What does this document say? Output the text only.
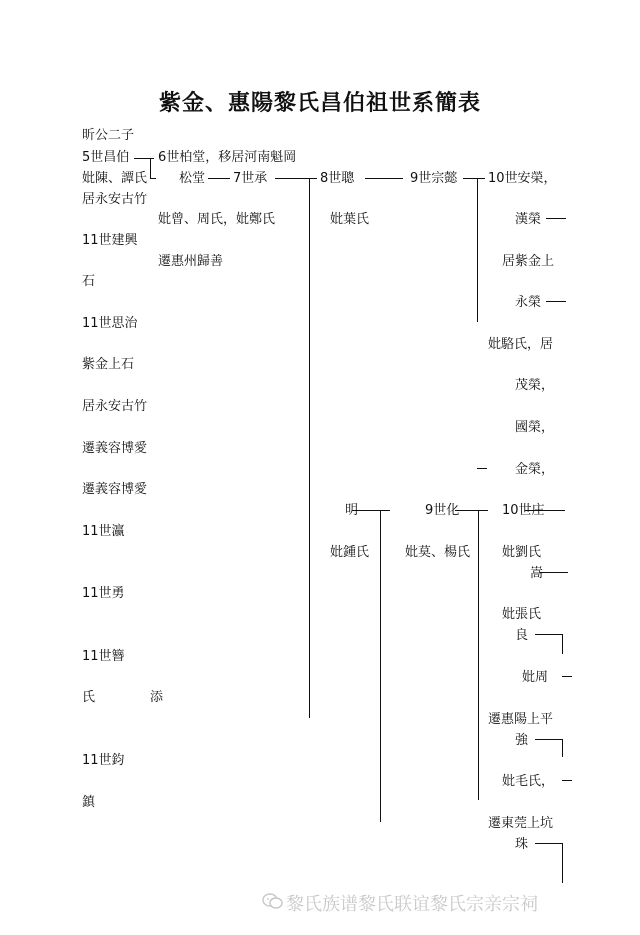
紫金、惠陽黎氏昌伯祖世系簡表
昕公二子
5世昌伯
妣陳、譚氏
居永安古竹
6世柏堂，移居河南魁岡
松堂
妣曾、周氏，妣鄭氏
遷惠州歸善
7世承	8世聰
妣葉氏
明
妣鍾氏
9世宗懿
9世化
妣莫、楊氏
10世安榮，
漢榮
居紫金上
永榮
妣駱氏，居
茂榮，
國榮，
金榮，
10世庄
妣劉氏
嵩
妣張氏
良
妣周
遷惠陽上平
強
妣毛氏，
遷東莞上坑
珠
11世建興
石
11世思治
紫金上石
居永安古竹
遷義容博愛
遷義容博愛
11世瀛
11世勇
11世簪
氏	添
11世鈞
鎮
黎氏族谱黎氏联谊黎氏宗亲宗祠
